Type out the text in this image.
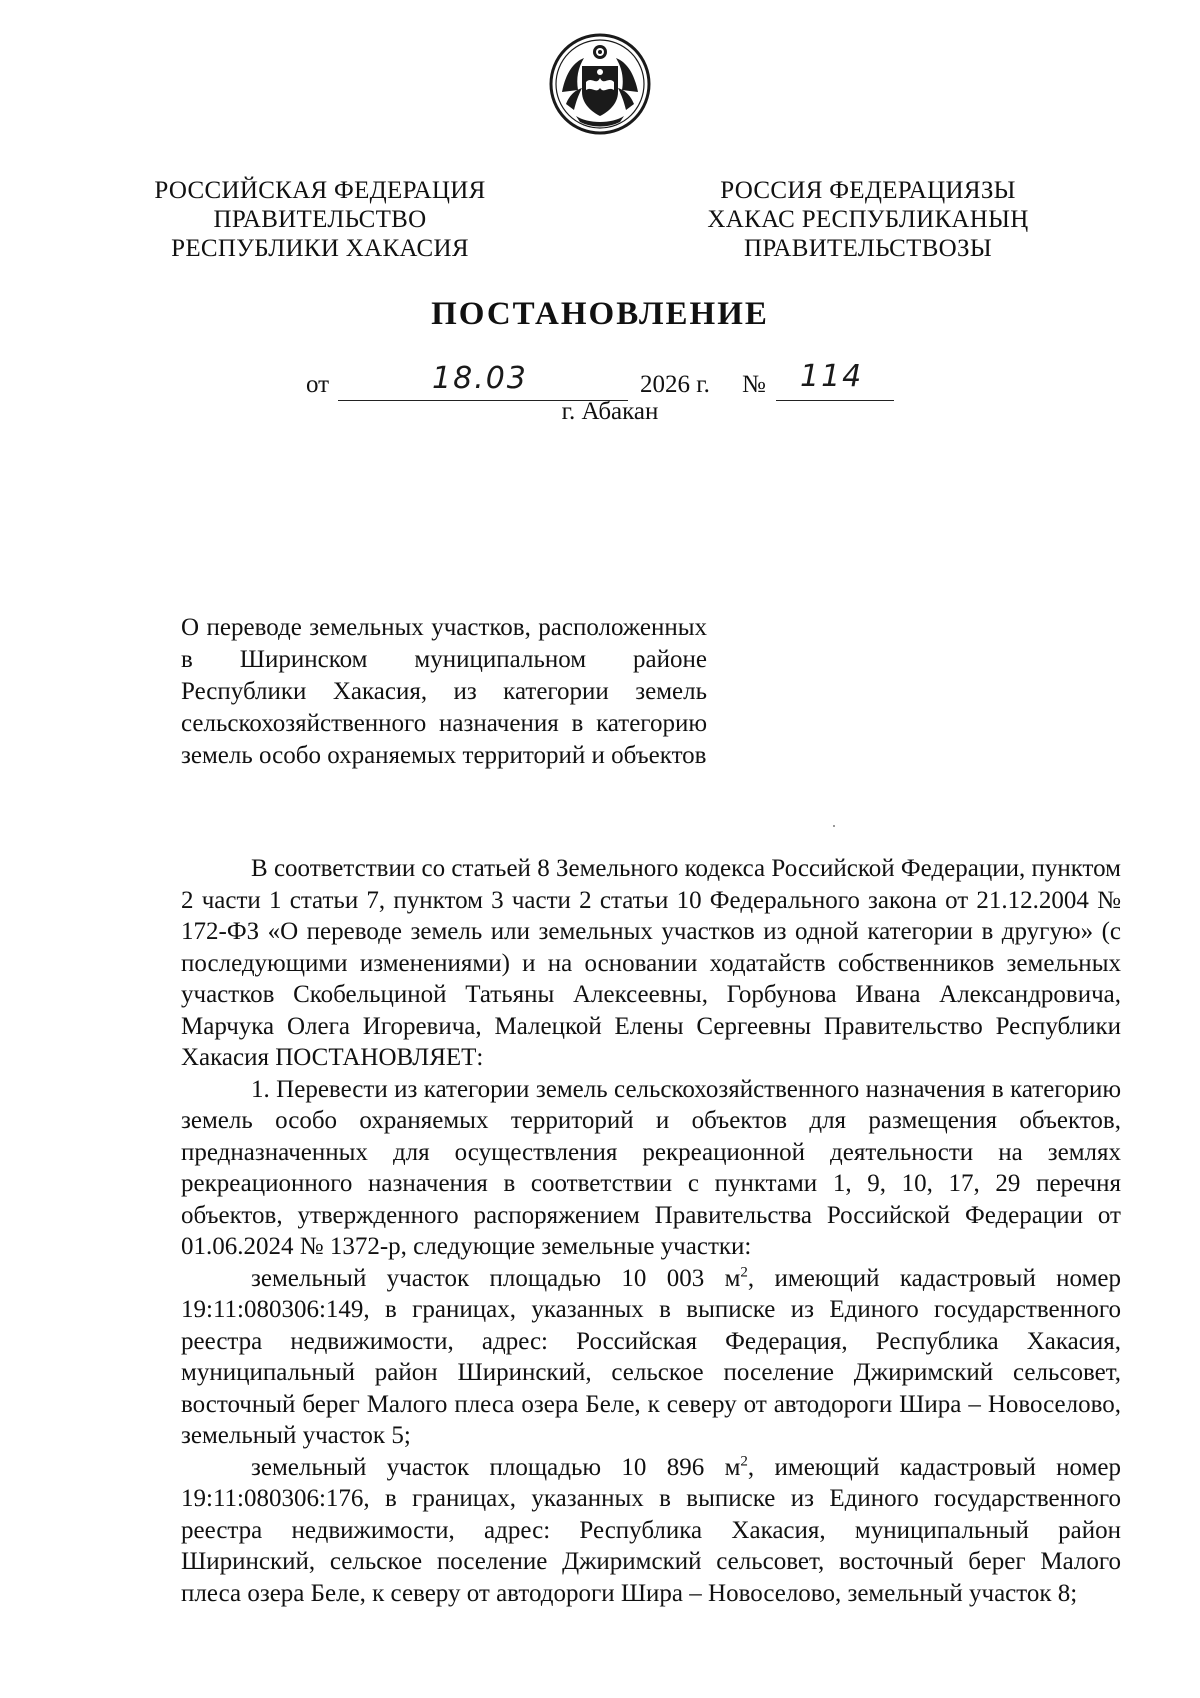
РОССИЙСКАЯ ФЕДЕРАЦИЯ
ПРАВИТЕЛЬСТВО
РЕСПУБЛИКИ ХАКАСИЯ
РОССИЯ ФЕДЕРАЦИЯЗЫ
ХАКАС РЕСПУБЛИКАНЫҢ
ПРАВИТЕЛЬСТВОЗЫ
ПОСТАНОВЛЕНИЕ
от	18.03	2026 г. № 114
г. Абакан
О переводе земельных участков, расположенных в Ширинском муниципальном районе Республики Хакасия, из категории земель сельскохозяйственного назначения в категорию земель особо охраняемых территорий и объектов

В соответствии со статьей 8 Земельного кодекса Российской Федерации, пунктом 2 части 1 статьи 7, пунктом 3 части 2 статьи 10 Федерального закона от 21.12.2004 № 172-ФЗ «О переводе земель или земельных участков из одной категории в другую» (с последующими изменениями) и на основании ходатайств собственников земельных участков Скобельциной Татьяны Алексеевны, Горбунова Ивана Александровича, Марчука Олега Игоревича, Малецкой Елены Сергеевны Правительство Республики Хакасия ПОСТАНОВЛЯЕТ:

1. Перевести из категории земель сельскохозяйственного назначения в категорию земель особо охраняемых территорий и объектов для размещения объектов, предназначенных для осуществления рекреационной деятельности на землях рекреационного назначения в соответствии с пунктами 1, 9, 10, 17, 29 перечня объектов, утвержденного распоряжением Правительства Российской Федерации от 01.06.2024 № 1372-р, следующие земельные участки:

земельный участок площадью 10 003 $м^2$, имеющий кадастровый номер 19:11:080306:149, в границах, указанных в выписке из Единого государственного реестра недвижимости, адрес: Российская Федерация, Республика Хакасия, муниципальный район Ширинский, сельское поселение Джиримский сельсовет, восточный берег Малого плеса озера Беле, к северу от автодороги Шира – Новоселово, земельный участок 5;

земельный участок площадью 10 896 $м^2$, имеющий кадастровый номер 19:11:080306:176, в границах, указанных в выписке из Единого государственного реестра недвижимости, адрес: Республика Хакасия, муниципальный район Ширинский, сельское поселение Джиримский сельсовет, восточный берег Малого плеса озера Беле, к северу от автодороги Шира – Новоселово, земельный участок 8;
